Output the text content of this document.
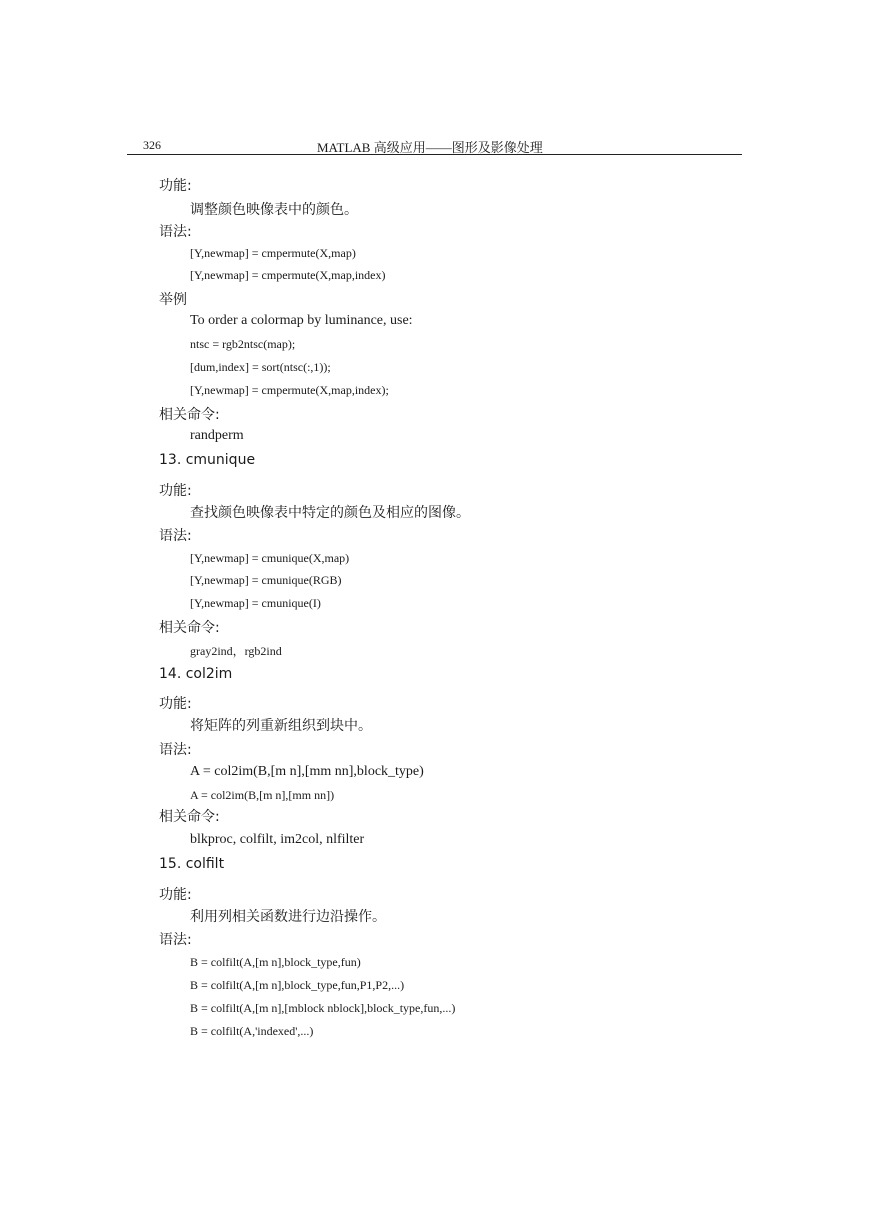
326	MATLAB 高级应用——图形及影像处理
功能:
调整颜色映像表中的颜色。
语法:
[Y,newmap] = cmpermute(X,map)
[Y,newmap] = cmpermute(X,map,index)
举例
To order a colormap by luminance, use:
ntsc = rgb2ntsc(map);
[dum,index] = sort(ntsc(:,1));
[Y,newmap] = cmpermute(X,map,index);
相关命令:
randperm
13. cmunique
功能:
查找颜色映像表中特定的颜色及相应的图像。
语法:
[Y,newmap] = cmunique(X,map)
[Y,newmap] = cmunique(RGB)
[Y,newmap] = cmunique(I)
相关命令:
gray2ind，rgb2ind
14. col2im
功能:
将矩阵的列重新组织到块中。
语法:
A = col2im(B,[m n],[mm nn],block_type)
A = col2im(B,[m n],[mm nn])
相关命令:
blkproc, colfilt, im2col, nlfilter
15. colfilt
功能:
利用列相关函数进行边沿操作。
语法:
B = colfilt(A,[m n],block_type,fun)
B = colfilt(A,[m n],block_type,fun,P1,P2,...)
B = colfilt(A,[m n],[mblock nblock],block_type,fun,...)
B = colfilt(A,'indexed',...)
